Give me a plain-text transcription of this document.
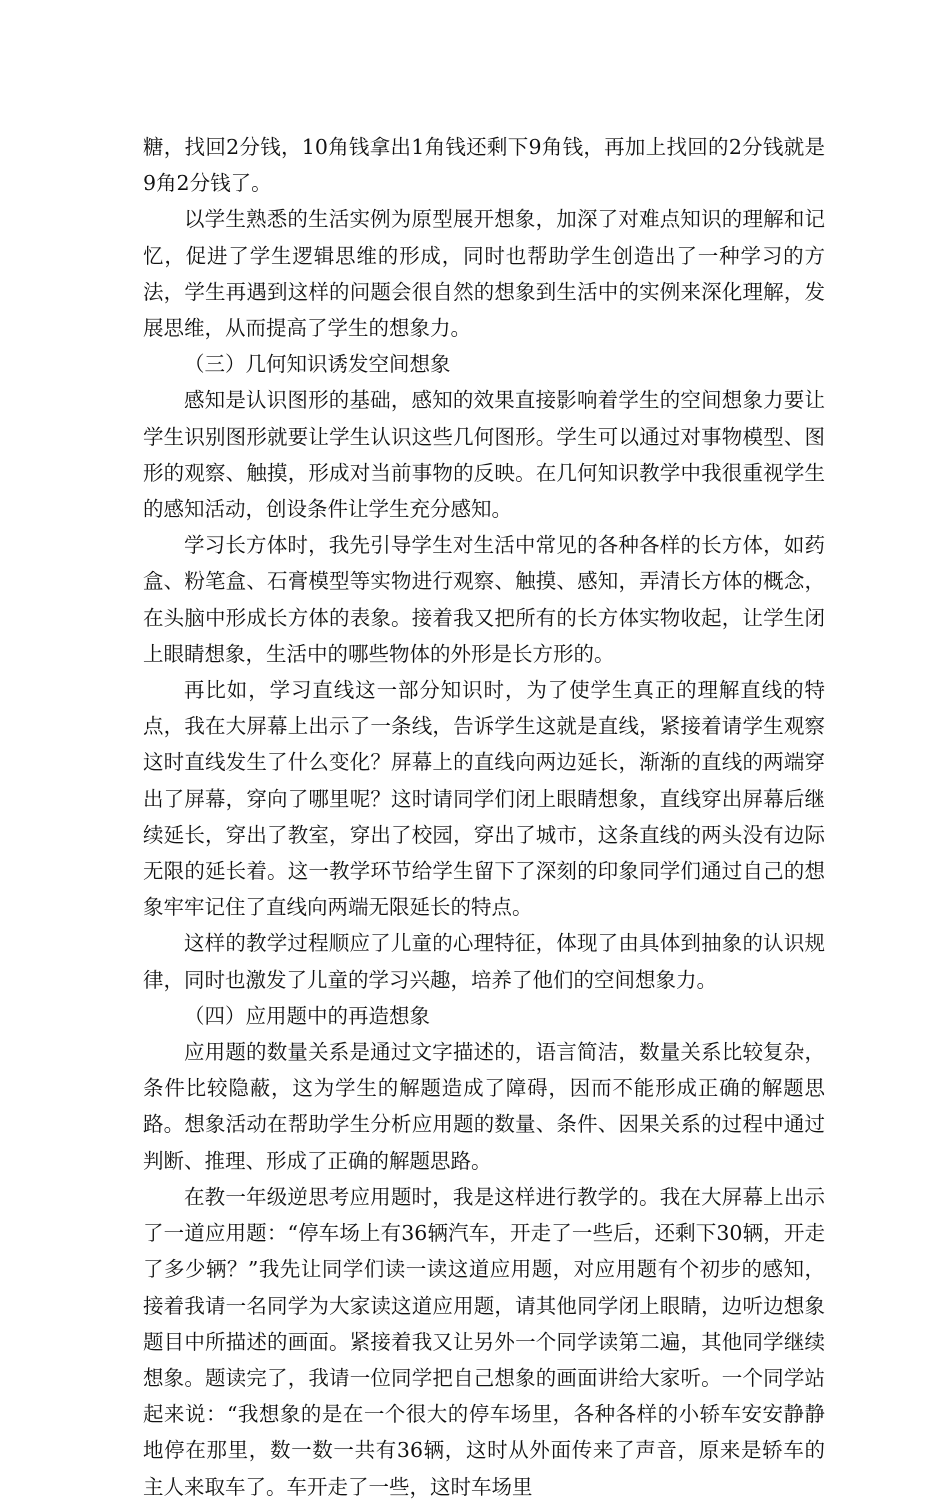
糖，找回2分钱，10角钱拿出1角钱还剩下9角钱，再加上找回的2分钱就是9角2分钱了。

以学生熟悉的生活实例为原型展开想象，加深了对难点知识的理解和记忆，促进了学生逻辑思维的形成，同时也帮助学生创造出了一种学习的方法，学生再遇到这样的问题会很自然的想象到生活中的实例来深化理解，发展思维，从而提高了学生的想象力。

（三）几何知识诱发空间想象

感知是认识图形的基础，感知的效果直接影响着学生的空间想象力要让学生识别图形就要让学生认识这些几何图形。学生可以通过对事物模型、图形的观察、触摸，形成对当前事物的反映。在几何知识教学中我很重视学生的感知活动，创设条件让学生充分感知。

学习长方体时，我先引导学生对生活中常见的各种各样的长方体，如药盒、粉笔盒、石膏模型等实物进行观察、触摸、感知，弄清长方体的概念，在头脑中形成长方体的表象。接着我又把所有的长方体实物收起，让学生闭上眼睛想象，生活中的哪些物体的外形是长方形的。

再比如，学习直线这一部分知识时，为了使学生真正的理解直线的特点，我在大屏幕上出示了一条线，告诉学生这就是直线，紧接着请学生观察这时直线发生了什么变化？屏幕上的直线向两边延长，渐渐的直线的两端穿出了屏幕，穿向了哪里呢？这时请同学们闭上眼睛想象，直线穿出屏幕后继续延长，穿出了教室，穿出了校园，穿出了城市，这条直线的两头没有边际无限的延长着。这一教学环节给学生留下了深刻的印象同学们通过自己的想象牢牢记住了直线向两端无限延长的特点。

这样的教学过程顺应了儿童的心理特征，体现了由具体到抽象的认识规律，同时也激发了儿童的学习兴趣，培养了他们的空间想象力。

（四）应用题中的再造想象

应用题的数量关系是通过文字描述的，语言简洁，数量关系比较复杂，条件比较隐蔽，这为学生的解题造成了障碍，因而不能形成正确的解题思路。想象活动在帮助学生分析应用题的数量、条件、因果关系的过程中通过判断、推理、形成了正确的解题思路。

在教一年级逆思考应用题时，我是这样进行教学的。我在大屏幕上出示了一道应用题：“停车场上有36辆汽车，开走了一些后，还剩下30辆，开走了多少辆？”我先让同学们读一读这道应用题，对应用题有个初步的感知，接着我请一名同学为大家读这道应用题，请其他同学闭上眼睛，边听边想象题目中所描述的画面。紧接着我又让另外一个同学读第二遍，其他同学继续想象。题读完了，我请一位同学把自己想象的画面讲给大家听。一个同学站起来说：“我想象的是在一个很大的停车场里，各种各样的小轿车安安静静地停在那里，数一数一共有36辆，这时从外面传来了声音，原来是轿车的主人来取车了。车开走了一些，这时车场里
